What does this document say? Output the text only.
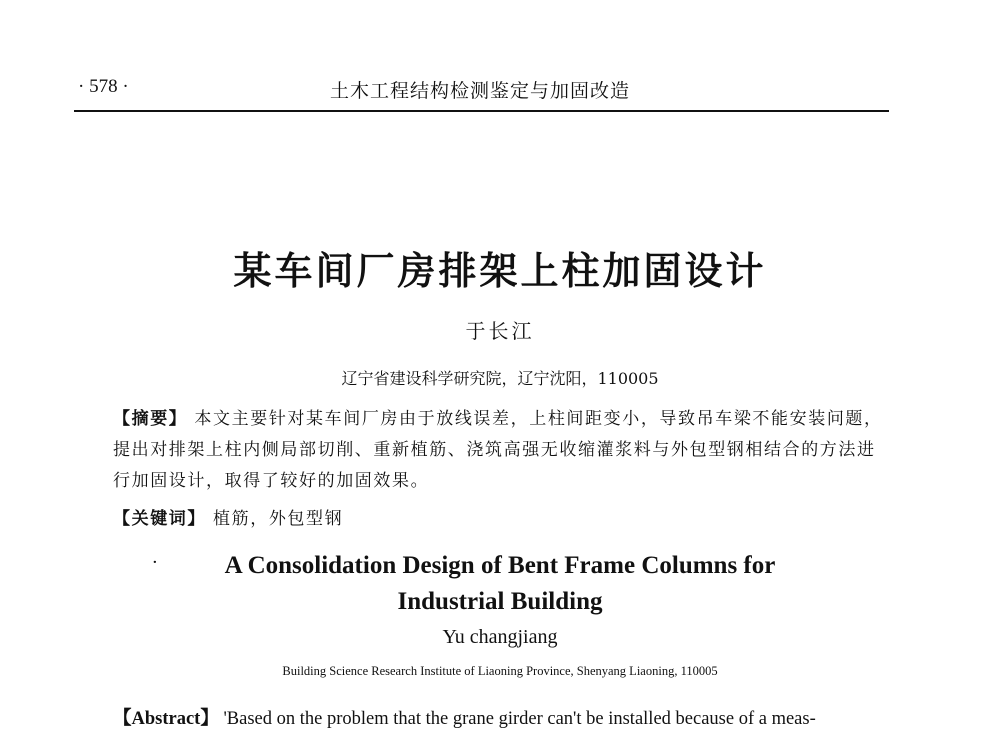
· 578 ·	土木工程结构检测鉴定与加固改造
某车间厂房排架上柱加固设计
于长江
辽宁省建设科学研究院，辽宁沈阳，110005
【摘要】 本文主要针对某车间厂房由于放线误差，上柱间距变小，导致吊车梁不能安装问题，提出对排架上柱内侧局部切削、重新植筋、浇筑高强无收缩灌浆料与外包型钢相结合的方法进行加固设计，取得了较好的加固效果。
【关键词】 植筋，外包型钢
·	A Consolidation Design of Bent Frame Columns for
Industrial Building
Yu changjiang
Building Science Research Institute of Liaoning Province, Shenyang Liaoning, 110005
【Abstract】 'Based on the problem that the grane girder can't be installed because of a meas-
